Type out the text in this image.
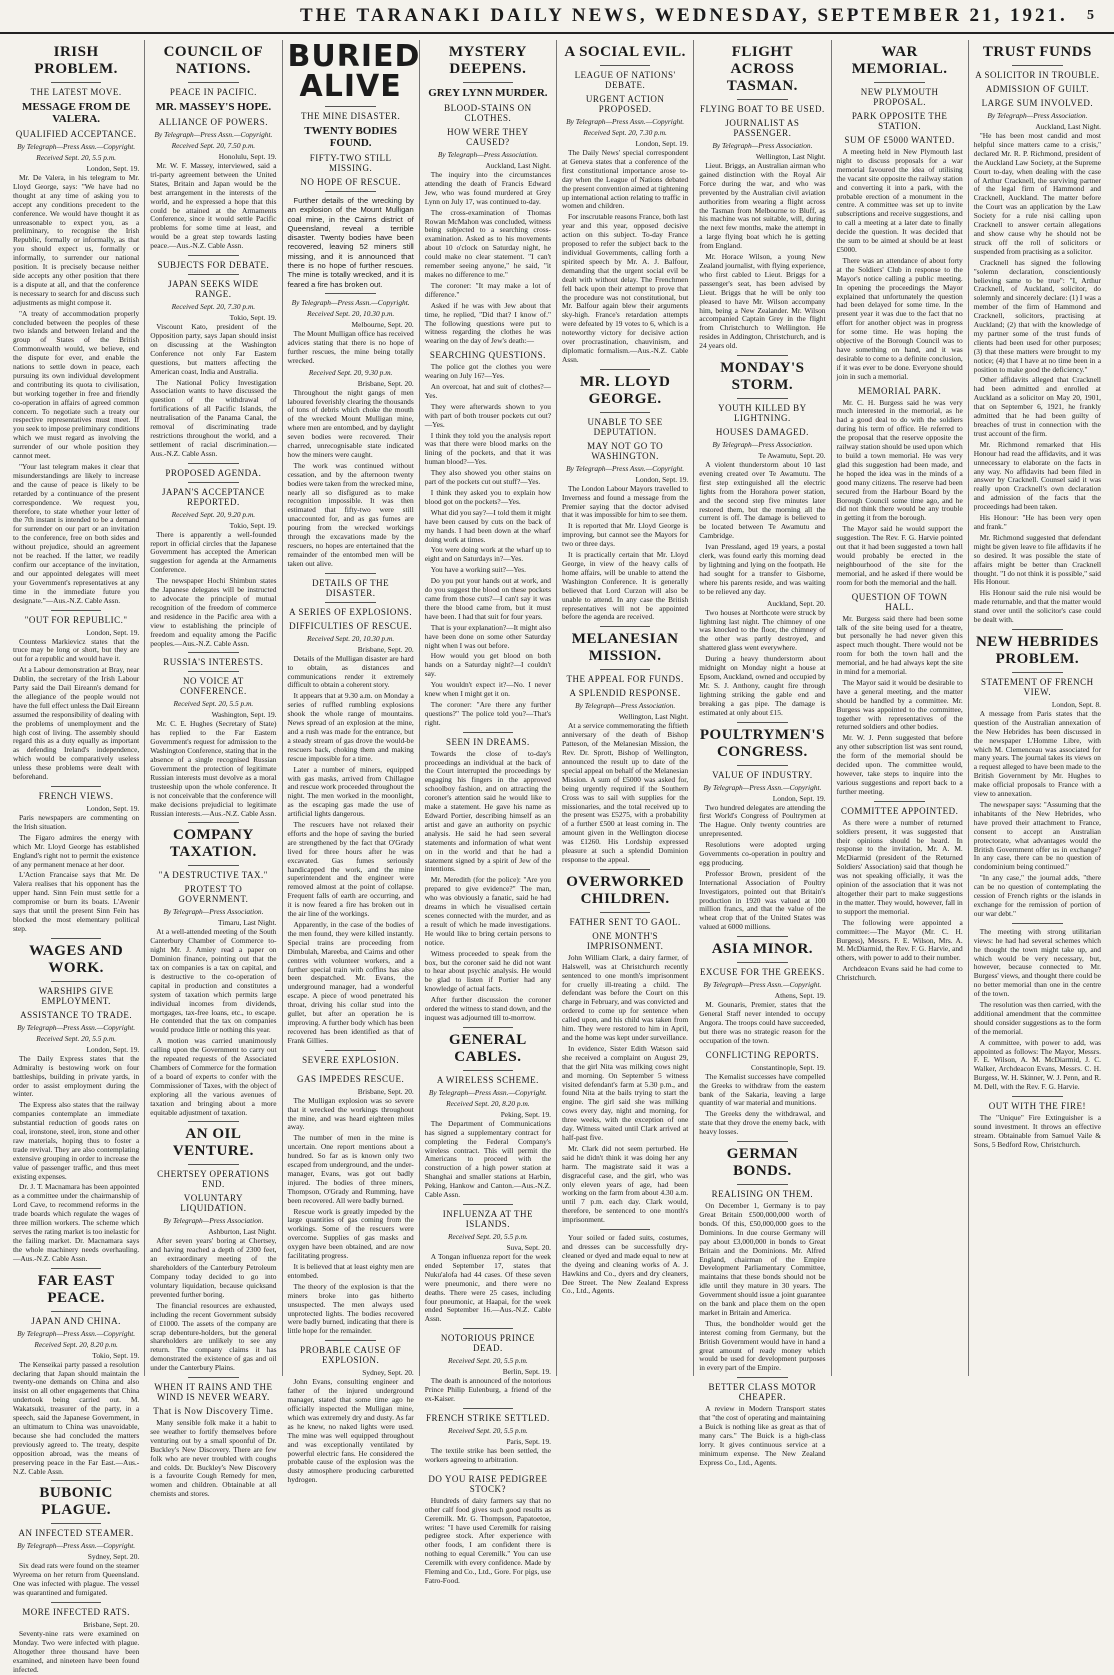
THE TARANAKI DAILY NEWS, WEDNESDAY, SEPTEMBER 21, 1921. 5
IRISH PROBLEM.
THE LATEST MOVE.
MESSAGE FROM DE VALERA.
QUALIFIED ACCEPTANCE.
By Telegraph—Press Assn.—Copyright.
Received Sept. 20, 5.5 p.m.
London, Sept. 19.

Mr. De Valera, in his telegram to Mr. Lloyd George, says: "We have had no thought at any time of asking you to accept any conditions precedent to the conference. We would have thought it as unreasonable to expect you, as a preliminary, to recognise the Irish Republic, formally or informally, as that you should expect us, formally or informally, to surrender our national position. It is precisely because neither side accepts any other position that there is a dispute at all, and that the conference is necessary to search for and discuss such adjustments as might compose it.

"A treaty of accommodation properly concluded between the peoples of these two islands and between Ireland and the group of States of the British Commonwealth would, we believe, end the dispute for ever, and enable the nations to settle down in peace, each pursuing its own individual development and contributing its quota to civilisation, but working together in free and friendly co-operation in affairs of agreed common concern. To negotiate such a treaty our respective representatives must meet. If you seek to impose preliminary conditions which we must regard as involving the surrender of our whole position they cannot meet.

"Your last telegram makes it clear that misunderstandings are likely to increase and the cause of peace is likely to be retarded by a continuance of the present correspondence. We request you, therefore, to state whether your letter of the 7th instant is intended to be a demand for surrender on our part or an invitation to the conference, free on both sides and without prejudice, should an agreement not be reached. If the latter, we readily confirm our acceptance of the invitation, and our appointed delegates will meet your Government's representatives at any time in the immediate future you designate."—Aus.-N.Z. Cable Assn.

"OUT FOR REPUBLIC."
London, Sept. 19.

Countess Markievicz states that the truce may be long or short, but they are out for a republic and would have it.

At a Labour demonstration at Bray, near Dublin, the secretary of the Irish Labour Party said the Dail Eireann's demand for the allegiance of the people would not have the full effect unless the Dail Eireann assumed the responsibility of dealing with the problems of unemployment and the high cost of living. The assembly should regard this as a duty equally as important as defending Ireland's independence, which would be comparatively useless unless these problems were dealt with beforehand.

FRENCH VIEWS.
London, Sept. 19.

Paris newspapers are commenting on the Irish situation.

The Figaro admires the energy with which Mr. Lloyd George has established England's right not to permit the existence of any permanent menace at her door.

L'Action Francaise says that Mr. De Valera realises that his opponent has the upper hand. Sinn Fein must settle for a compromise or burn its boats. L'Avenir says that until the present Sinn Fein has blocked the most elementary political step.

WAGES AND WORK.
WARSHIPS GIVE EMPLOYMENT.
ASSISTANCE TO TRADE.
By Telegraph—Press Assn.—Copyright.
Received Sept. 20, 5.5 p.m.
London, Sept. 19.

The Daily Express states that the Admiralty is bestowing work on four battleships, building in private yards, in order to assist employment during the winter.

The Express also states that the railway companies contemplate an immediate substantial reduction of goods rates on coal, ironstone, steel, iron, stone and other raw materials, hoping thus to foster a trade revival. They are also contemplating extensive grouping in order to increase the value of passenger traffic, and thus meet existing expenses.

Dr. J. T. Macnamara has been appointed as a committee under the chairmanship of Lord Cave, to recommend reforms in the trade boards which regulate the wages of three million workers. The scheme which serves the rating market is too inelastic for the failing market. Dr. Macnamara says the whole machinery needs overhauling.—Aus.-N.Z. Cable Assn.

FAR EAST PEACE.
JAPAN AND CHINA.
By Telegraph—Press Assn.—Copyright.
Received Sept. 20, 8.20 p.m.
Tokio, Sept. 19.

The Kenseikai party passed a resolution declaring that Japan should maintain the twenty-one demands on China and also insist on all other engagements that China undertook being carried out. M. Wakatsuki, treasurer of the party, in a speech, said the Japanese Government, in an ultimatum to China was unavoidable, because she had concluded the matters previously agreed to. The treaty, despite opposition abroad, was the means of preserving peace in the Far East.—Aus.-N.Z. Cable Assn.

BUBONIC PLAGUE.
AN INFECTED STEAMER.
By Telegraph—Press Assn.—Copyright.
Sydney, Sept. 20.

Six dead rats were found on the steamer Wyreema on her return from Queensland. One was infected with plague. The vessel was quarantined and fumigated.

MORE INFECTED RATS.
Brisbane, Sept. 20.

Seventy-nine rats were examined on Monday. Two were infected with plague. Altogether three thousand have been examined, and nineteen have been found infected.

COUNCIL OF NATIONS.
PEACE IN PACIFIC.
MR. MASSEY'S HOPE.
ALLIANCE OF POWERS.
By Telegraph—Press Assn.—Copyright.
Received Sept. 20, 7.50 p.m.
Honolulu, Sept. 19.

Mr. W. F. Massey, interviewed, said a tri-party agreement between the United States, Britain and Japan would be the best arrangement in the interests of the world, and he expressed a hope that this could be attained at the Armaments Conference, since it would settle Pacific problems for some time at least, and would be a great step towards lasting peace.—Aus.-N.Z. Cable Assn.

SUBJECTS FOR DEBATE.
JAPAN SEEKS WIDE RANGE.
Received Sept. 20, 7.30 p.m.
Tokio, Sept. 19.

Viscount Kato, president of the Opposition party, says Japan should insist on discussing at the Washington Conference not only Far Eastern questions, but matters affecting the American coast, India and Australia.

The National Policy Investigation Association wants to have discussed the question of the withdrawal of fortifications of all Pacific Islands, the neutralisation of the Panama Canal, the removal of discriminating trade restrictions throughout the world, and a settlement of racial discrimination.—Aus.-N.Z. Cable Assn.

PROPOSED AGENDA.
JAPAN'S ACCEPTANCE REPORTED.
Received Sept. 20, 9.20 p.m.
Tokio, Sept. 19.

There is apparently a well-founded report in official circles that the Japanese Government has accepted the American suggestion for agenda at the Armaments Conference.

The newspaper Hochi Shimbun states the Japanese delegates will be instructed to advocate the principle of mutual recognition of the freedom of commerce and residence in the Pacific area with a view to establishing the principle of freedom and equality among the Pacific peoples.—Aus.-N.Z. Cable Assn.

RUSSIA'S INTERESTS.
NO VOICE AT CONFERENCE.
Received Sept. 20, 5.5 p.m.
Washington, Sept. 19.

Mr. C. E. Hughes (Secretary of State) has replied to the Far Eastern Government's request for admission to the Washington Conference, stating that in the absence of a single recognised Russian Government the protection of legitimate Russian interests must devolve as a moral trusteeship upon the whole conference. It is not conceivable that the conference will make decisions prejudicial to legitimate Russian interests.—Aus.-N.Z. Cable Assn.

COMPANY TAXATION.
"A DESTRUCTIVE TAX."
PROTEST TO GOVERNMENT.
By Telegraph—Press Association.
Timaru, Last Night.

At a well-attended meeting of the South Canterbury Chamber of Commerce to-night Mr. J. Amiey read a paper on Dominion finance, pointing out that the tax on companies is a tax on capital, and is destructive to the co-operation of capital in production and constitutes a system of taxation which permits large individual incomes from dividends, mortgages, tax-free loans, etc., to escape. He contended that the tax on companies would produce little or nothing this year.

A motion was carried unanimously calling upon the Government to carry out the repeated requests of the Associated Chambers of Commerce for the formation of a board of experts to confer with the Commissioner of Taxes, with the object of exploring all the various avenues of taxation and bringing about a more equitable adjustment of taxation.

AN OIL VENTURE.
CHERTSEY OPERATIONS END.
VOLUNTARY LIQUIDATION.
By Telegraph—Press Association.
Ashburton, Last Night.

After seven years' boring at Chertsey, and having reached a depth of 2300 feet, an extraordinary meeting of the shareholders of the Canterbury Petroleum Company today decided to go into voluntary liquidation, because quicksand prevented further boring.

The financial resources are exhausted, including the recent Government subsidy of £1000. The assets of the company are scrap debenture-holders, but the general shareholders are unlikely to see any return. The company claims it has demonstrated the existence of gas and oil under the Canterbury Plains.

WHEN IT RAINS AND THE WIND IS NEVER WEARY.
That is Now Discovery Time.

Many sensible folk make it a habit to see weather to fortify themselves before venturing out by a small spoonful of Dr. Buckley's New Discovery. There are few folk who are never troubled with coughs and colds. Dr. Buckley's New Discovery is a favourite Cough Remedy for men, women and children. Obtainable at all chemists and stores.

BURIED ALIVE
THE MINE DISASTER.
TWENTY BODIES FOUND.
FIFTY-TWO STILL MISSING.
NO HOPE OF RESCUE.

Further details of the wrecking by an explosion of the Mount Mulligan coal mine, in the Cairns district of Queensland, reveal a terrible disaster. Twenty bodies have been recovered, leaving 52 miners still missing, and it is announced that there is no hope of further rescues. The mine is totally wrecked, and it is feared a fire has broken out.

By Telegraph—Press Assn.—Copyright.
Received Sept. 20, 10.30 p.m.
Melbourne, Sept. 20.

The Mount Mulligan office has received advices stating that there is no hope of further rescues, the mine being totally wrecked.

Received Sept. 20, 9.30 p.m.
Brisbane, Sept. 20.

Throughout the night gangs of men laboured feverishly clearing the thousands of tons of debris which choke the mouth of the wrecked Mount Mulligan mine, where men are entombed, and by daylight seven bodies were recovered. Their charred, unrecognisable state indicated how the miners were caught.

The work was continued without cessation, and by the afternoon twenty bodies were taken from the wrecked mine, nearly all so disfigured as to make recognition impossible. It was then estimated that fifty-two were still unaccounted for, and as gas fumes are pouring from the wrecked workings through the excavations made by the rescuers, no hopes are entertained that the remainder of the entombed men will be taken out alive.

DETAILS OF THE DISASTER.
A SERIES OF EXPLOSIONS.
DIFFICULTIES OF RESCUE.
Received Sept. 20, 10.30 p.m.
Brisbane, Sept. 20.

Details of the Mulligan disaster are hard to obtain, as distances and communications render it extremely difficult to obtain a coherent story.

It appears that at 9.30 a.m. on Monday a series of ruffled rumbling explosions shook the whole range of mountains. News spread of an explosion at the mine, and a rush was made for the entrance, but a steady stream of gas drove the would-be rescuers back, choking them and making rescue impossible for a time.

Later a number of miners, equipped with gas masks, arrived from Chillagoe and rescue work proceeded throughout the night. The men worked in the moonlight, as the escaping gas made the use of artificial lights dangerous.

The rescuers have not relaxed their efforts and the hope of saving the buried are strengthened by the fact that O'Grady lived for three hours after he was excavated. Gas fumes seriously handicapped the work, and the mine superintendent and the engineer were removed almost at the point of collapse. Frequent falls of earth are occurring, and it is now feared a fire has broken out in the air line of the workings.

Apparently, in the case of the bodies of the men found, they were killed instantly. Special trains are proceeding from Dimbulah, Mareeba, and Cairns and other centres with volunteer workers, and a further special train with coffins has also been despatched. Mr. Evans, the underground manager, had a wonderful escape. A piece of wood penetrated his throat, driving his collar stud into the gullet, but after an operation he is improving. A further body which has been recovered has been identified as that of Frank Gillies.

SEVERE EXPLOSION.
GAS IMPEDES RESCUE.
Brisbane, Sept. 20.

The Mulligan explosion was so severe that it wrecked the workings throughout the mine, and was heard eighteen miles away.

The number of men in the mine is uncertain. One report mentions about a hundred. So far as is known only two escaped from underground, and the under-manager, Evans, was got out badly injured. The bodies of three miners, Thompson, O'Grady and Rumming, have been recovered. All were badly burned.

Rescue work is greatly impeded by the large quantities of gas coming from the workings. Some of the rescuers were overcome. Supplies of gas masks and oxygen have been obtained, and are now facilitating progress.

It is believed that at least eighty men are entombed.

The theory of the explosion is that the miners broke into gas hitherto unsuspected. The men always used unprotected lights. The bodies recovered were badly burned, indicating that there is little hope for the remainder.

PROBABLE CAUSE OF EXPLOSION.
Sydney, Sept. 20.

John Evans, consulting engineer and father of the injured underground manager, stated that some time ago he officially inspected the Mulligan mine, which was extremely dry and dusty. As far as he knew, no naked lights were used. The mine was well equipped throughout and was exceptionally ventilated by powerful electric fans. He considered the probable cause of the explosion was the dusty atmosphere producing carburetted hydrogen.

MYSTERY DEEPENS.
GREY LYNN MURDER.
BLOOD-STAINS ON CLOTHES.
HOW WERE THEY CAUSED?
By Telegraph—Press Association.
Auckland, Last Night.

The inquiry into the circumstances attending the death of Francis Edward Jew, who was found murdered at Grey Lynn on July 17, was continued to-day.

The cross-examination of Thomas Rowan McMahon was concluded, witness being subjected to a searching cross-examination. Asked as to his movements about 10 o'clock on Saturday night, he could make no clear statement. "I can't remember seeing anyone," he said, "it makes no difference to me."

The coroner: "It may make a lot of difference."

Asked if he was with Jew about that time, he replied, "Did that? I know of." The following questions were put to witness regarding the clothes he was wearing on the day of Jew's death:—

SEARCHING QUESTIONS.

The police got the clothes you were wearing on July 16?—Yes.

An overcoat, hat and suit of clothes?—Yes.

They were afterwards shown to you with part of both trouser pockets cut out?—Yes.

I think they told you the analysis report was that there were blood marks on the lining of the pockets, and that it was human blood?—Yes.

They also showed you other stains on part of the pockets cut out stuff?—Yes.

I think they asked you to explain how blood got on the pockets?—Yes.

What did you say?—I told them it might have been caused by cuts on the back of my hands. I had been down at the wharf doing work at times.

You were doing work at the wharf up to eight and on Saturdays in?—Yes.

You have a working suit?—Yes.

Do you put your hands out at work, and do you suggest the blood on these pockets came from those cuts?—I can't say it was there the blood came from, but it must have been. I had that suit for four years.

That is your explanation?—It might also have been done on some other Saturday night when I was out before.

How would you get blood on both hands on a Saturday night?—I couldn't say.

You wouldn't expect it?—No. I never knew when I might get it on.

The coroner: "Are there any further questions?" The police told you?—That's right.

SEEN IN DREAMS.

Towards the close of to-day's proceedings an individual at the back of the Court interrupted the proceedings by engaging his fingers in the approved schoolboy fashion, and on attracting the coroner's attention said he would like to make a statement. He gave his name as Edward Portier, describing himself as an artist and gave an authority on psychic analysis. He said he had seen several statements and information of what went on in the world and that he had a statement signed by a spirit of Jew of the intentions.

Mr. Meredith (for the police): "Are you prepared to give evidence?" The man, who was obviously a fanatic, said he had dreams in which he visualised certain scenes connected with the murder, and as a result of which he made investigations. He would like to bring certain persons to notice.

Witness proceeded to speak from the box, but the coroner said he did not want to hear about psychic analysis. He would be glad to listen if Portier had any knowledge of actual facts.

After further discussion the coroner ordered the witness to stand down, and the inquest was adjourned till to-morrow.

GENERAL CABLES.
A WIRELESS SCHEME.
By Telegraph—Press Assn.—Copyright.
Received Sept. 20, 8.20 p.m.
Peking, Sept. 19.

The Department of Communications has signed a supplementary contract for completing the Federal Company's wireless contract. This will permit the Americans to proceed with the construction of a high power station at Shanghai and smaller stations at Harbin, Peking, Hankow and Canton.—Aus.-N.Z. Cable Assn.

INFLUENZA AT THE ISLANDS.
Received Sept. 20, 5.5 p.m.
Suva, Sept. 20.

A Tongan influenza report for the week ended September 17, states that Nuku'alofa had 44 cases. Of these seven were pneumonic, and there were no deaths. There were 25 cases, including four pneumonic, at Haapai, for the week ended September 16.—Aus.-N.Z. Cable Assn.

NOTORIOUS PRINCE DEAD.
Received Sept. 20, 5.5 p.m.
Berlin, Sept. 19.

The death is announced of the notorious Prince Philip Eulenburg, a friend of the ex-Kaiser.

FRENCH STRIKE SETTLED.
Received Sept. 20, 5.5 p.m.
Paris, Sept. 19.

The textile strike has been settled, the workers agreeing to arbitration.

DO YOU RAISE PEDIGREE STOCK?

Hundreds of dairy farmers say that no other calf food gives such good results as Ceremilk. Mr. G. Thompson, Papatoetoe, writes: "I have used Ceremilk for raising pedigree stock. After experience with other foods, I am confident there is nothing to equal Ceremilk." You can use Ceremilk with every confidence. Made by Fleming and Co., Ltd., Gore. For pigs, use Fatro-Food.

A SOCIAL EVIL.
LEAGUE OF NATIONS' DEBATE.
URGENT ACTION PROPOSED.
By Telegraph—Press Assn.—Copyright.
Received Sept. 20, 7.30 p.m.
London, Sept. 19.

The Daily News' special correspondent at Geneva states that a conference of the first constitutional importance arose to-day when the League of Nations debated the present convention aimed at tightening up international action relating to traffic in women and children.

For inscrutable reasons France, both last year and this year, opposed decisive action on this subject. To-day France proposed to refer the subject back to the individual Governments, calling forth a spirited speech by Mr. A. J. Balfour, demanding that the urgent social evil be dealt with without delay. The Frenchmen fell back upon their attempt to prove that the procedure was not constitutional, but Mr. Balfour again blew their arguments sky-high. France's retardation attempts were defeated by 19 votes to 6, which is a noteworthy victory for decisive action over procrastination, chauvinism, and diplomatic formalism.—Aus.-N.Z. Cable Assn.

MR. LLOYD GEORGE.
UNABLE TO SEE DEPUTATION.
MAY NOT GO TO WASHINGTON.
By Telegraph—Press Assn.—Copyright.
London, Sept. 19.

The London Labour Mayors travelled to Inverness and found a message from the Premier saying that the doctor advised that it was impossible for him to see them.

It is reported that Mr. Lloyd George is improving, but cannot see the Mayors for two or three days.

It is practically certain that Mr. Lloyd George, in view of the heavy calls of home affairs, will be unable to attend the Washington Conference. It is generally believed that Lord Curzon will also be unable to attend. In any case the British representatives will not be appointed before the agenda are received.

MELANESIAN MISSION.
THE APPEAL FOR FUNDS.
A SPLENDID RESPONSE.
By Telegraph—Press Association.
Wellington, Last Night.

At a service commemorating the fiftieth anniversary of the death of Bishop Patteson, of the Melanesian Mission, the Rev. Dr. Sprott, Bishop of Wellington, announced the result up to date of the special appeal on behalf of the Melanesian Mission. A sum of £5000 was asked for, being urgently required if the Southern Cross was to sail with supplies for the missionaries, and the total received up to the present was £5275, with a probability of a further £500 at least coming in. The amount given in the Wellington diocese was £1260. His Lordship expressed pleasure at such a splendid Dominion response to the appeal.

OVERWORKED CHILDREN.
FATHER SENT TO GAOL.
ONE MONTH'S IMPRISONMENT.

John William Clark, a dairy farmer, of Halswell, was at Christchurch recently sentenced to one month's imprisonment for cruelly ill-treating a child. The defendant was before the Court on this charge in February, and was convicted and ordered to come up for sentence when called upon, and his child was taken from him. They were restored to him in April, and the home was kept under surveillance.

In evidence, Sister Edith Watson said she received a complaint on August 29, that the girl Nita was milking cows night and morning. On September 5 witness visited defendant's farm at 5.30 p.m., and found Nita at the bails trying to start the engine. The girl said she was milking cows every day, night and morning, for three weeks, with the exception of one day. Witness waited until Clark arrived at half-past five.

Mr. Clark did not seem perturbed. He said he didn't think it was doing her any harm. The magistrate said it was a disgraceful case, and the girl, who was only eleven years of age, had been working on the farm from about 4.30 a.m. until 7 p.m. each day. Clark would, therefore, be sentenced to one month's imprisonment.

Your soiled or faded suits, costumes, and dresses can be successfully dry-cleaned or dyed and made equal to new at the dyeing and cleaning works of A. J. Hawkins and Co., dyers and dry cleaners, Dee Street. The New Zealand Express Co., Ltd., Agents.

FLIGHT ACROSS TASMAN.
FLYING BOAT TO BE USED.
JOURNALIST AS PASSENGER.
By Telegraph—Press Association.
Wellington, Last Night.

Lieut. Briggs, an Australian airman who gained distinction with the Royal Air Force during the war, and who was prevented by the Australian civil aviation authorities from wearing a flight across the Tasman from Melbourne to Bluff, as his machine was not suitable, will, during the next few months, make the attempt in a large flying boat which he is getting from England.

Mr. Horace Wilson, a young New Zealand journalist, with flying experience, who first cabled to Lieut. Briggs for a passenger's seat, has been advised by Lieut. Briggs that he will be only too pleased to have Mr. Wilson accompany him, being a New Zealander. Mr. Wilson accompanied Captain Grey in the flight from Christchurch to Wellington. He resides in Addington, Christchurch, and is 24 years old.

MONDAY'S STORM.
YOUTH KILLED BY LIGHTNING.
HOUSES DAMAGED.
By Telegraph—Press Association.
Te Awamutu, Sept. 20.

A violent thunderstorm about 10 last evening created over Te Awamutu. The first step extinguished all the electric lights from the Horahora power station, and the second step five minutes later restored them, but the morning all the current is off. The damage is believed to be located between Te Awamutu and Cambridge.

Ivan Pressland, aged 19 years, a postal clerk, was found early this morning dead by lightning and lying on the footpath. He had sought for a transfer to Gisborne, where his parents reside, and was waiting to be relieved any day.

Auckland, Sept. 20.

Two houses at Northcote were struck by lightning last night. The chimney of one was knocked to the floor, the chimney of the other was partly destroyed, and shattered glass went everywhere.

During a heavy thunderstorm about midnight on Monday night a house at Epsom, Auckland, owned and occupied by Mr. S. J. Anthony, caught fire through lightning striking the gable end and breaking a gas pipe. The damage is estimated at only about £15.

POULTRYMEN'S CONGRESS.
VALUE OF INDUSTRY.
By Telegraph—Press Assn.—Copyright.
London, Sept. 19.

Two hundred delegates are attending the first World's Congress of Poultrymen at The Hague. Only twenty countries are unrepresented.

Resolutions were adopted urging Governments co-operation in poultry and egg producing.

Professor Brown, president of the International Association of Poultry Investigators, pointed out that Britain's production in 1920 was valued at 100 million francs, and that the value of the wheat crop that of the United States was valued at 6000 millions.

ASIA MINOR.
EXCUSE FOR THE GREEKS.
By Telegraph—Press Assn.—Copyright.
Athens, Sept. 19.

M. Gounaris, Premier, states that the General Staff never intended to occupy Angora. The troops could have succeeded, but there was no strategic reason for the occupation of the town.

CONFLICTING REPORTS.
Constantinople, Sept. 19.

The Kemalist successes have compelled the Greeks to withdraw from the eastern bank of the Sakaria, leaving a large quantity of war material and munitions.

The Greeks deny the withdrawal, and state that they drove the enemy back, with heavy losses.

GERMAN BONDS.
REALISING ON THEM.

On December 1, Germany is to pay Great Britain £500,000,000 worth of bonds. Of this, £50,000,000 goes to the Dominions. In due course Germany will pay about £3,000,000 in bonds to Great Britain and the Dominions. Mr. Alfred England, chairman of the Empire Development Parliamentary Committee, maintains that these bonds should not be idle until they mature in 30 years. The Government should issue a joint guarantee on the bank and place them on the open market in Britain and America.

Thus, the bondholder would get the interest coming from Germany, but the British Government would have in hand a great amount of ready money which would be used for development purposes in every part of the Empire.

BETTER CLASS MOTOR CHEAPER.

A review in Modern Transport states that "the cost of operating and maintaining a Buick is nothing like as great as that of many cars." The Buick is a high-class lorry. It gives continuous service at a minimum expense. The New Zealand Express Co., Ltd., Agents.

WAR MEMORIAL.
NEW PLYMOUTH PROPOSAL.
PARK OPPOSITE THE STATION.
SUM OF £5000 WANTED.

A meeting held in New Plymouth last night to discuss proposals for a war memorial favoured the idea of utilising the vacant site opposite the railway station and converting it into a park, with the probable erection of a monument in the centre. A committee was set up to invite subscriptions and receive suggestions, and to call a meeting at a later date to finally decide the question. It was decided that the sum to be aimed at should be at least £5000.

There was an attendance of about forty at the Soldiers' Club in response to the Mayor's notice calling a public meeting. In opening the proceedings the Mayor explained that unfortunately the question had been delayed for some time. In the present year it was due to the fact that no effort for another object was in progress for some time. He was hoping the objective of the Borough Council was to have something on hand, and it was desirable to come to a definite conclusion, if it was ever to be done. Everyone should join in such a memorial.

MEMORIAL PARK.

Mr. C. H. Burgess said he was very much interested in the memorial, as he had a good deal to do with the soldiers during his term of office. He referred to the proposal that the reserve opposite the railway station should be used upon which to build a town memorial. He was very glad this suggestion had been made, and he hoped the idea was in the minds of a good many citizens. The reserve had been secured from the Harbour Board by the Borough Council some time ago, and he did not think there would be any trouble in getting it from the borough.

The Mayor said he would support the suggestion. The Rev. F. G. Harvie pointed out that it had been suggested a town hall would probably be erected in the neighbourhood of the site for the memorial, and he asked if there would be room for both the memorial and the hall.

QUESTION OF TOWN HALL.

Mr. Burgess said there had been some talk of the site being used for a theatre, but personally he had never given this aspect much thought. There would not be room for both the town hall and the memorial, and he had always kept the site in mind for a memorial.

The Mayor said it would be desirable to have a general meeting, and the matter should be handled by a committee. Mr. Burgess was appointed to the committee, together with representatives of the returned soldiers and other bodies.

Mr. W. J. Penn suggested that before any other subscription list was sent round, the form of the memorial should be decided upon. The committee would, however, take steps to inquire into the various suggestions and report back to a further meeting.

COMMITTEE APPOINTED.

As there were a number of returned soldiers present, it was suggested that their opinions should be heard. In response to the invitation, Mr. A. M. McDiarmid (president of the Returned Soldiers' Association) said that though he was not speaking officially, it was the opinion of the association that it was not altogether their part to make suggestions in the matter. They would, however, fall in to support the memorial.

The following were appointed a committee:—The Mayor (Mr. C. H. Burgess), Messrs. F. E. Wilson, Mrs. A. M. McDiarmid, the Rev. F. G. Harvie, and others, with power to add to their number.

Archdeacon Evans said he had come to Christchurch.

TRUST FUNDS
A SOLICITOR IN TROUBLE.
ADMISSION OF GUILT.
LARGE SUM INVOLVED.
By Telegraph—Press Association.
Auckland, Last Night.

"He has been most candid and most helpful since matters came to a crisis," declared Mr. R. P. Richmond, president of the Auckland Law Society, at the Supreme Court to-day, when dealing with the case of Arthur Cracknell, the surviving partner of the legal firm of Hammond and Cracknell, Auckland. The matter before the Court was an application by the Law Society for a rule nisi calling upon Cracknell to answer certain allegations and show cause why he should not be struck off the roll of solicitors or suspended from practising as a solicitor.

Cracknell has signed the following "solemn declaration, conscientiously believing same to be true": "I, Arthur Cracknell, of Auckland, solicitor, do solemnly and sincerely declare: (1) I was a member of the firm of Hammond and Cracknell, solicitors, practising at Auckland; (2) that with the knowledge of my partner some of the trust funds of clients had been used for other purposes; (3) that these matters were brought to my notice; (4) that I have at no time been in a position to make good the deficiency."

Other affidavits alleged that Cracknell had been admitted and enrolled at Auckland as a solicitor on May 20, 1901, that on September 6, 1921, he frankly admitted that he had been guilty of breaches of trust in connection with the trust account of the firm.

Mr. Richmond remarked that His Honour had read the affidavits, and it was unnecessary to elaborate on the facts in any way. No affidavits had been filed in answer by Cracknell. Counsel said it was really upon Cracknell's own declaration and admission of the facts that the proceedings had been taken.

His Honour: "He has been very open and frank."

Mr. Richmond suggested that defendant might be given leave to file affidavits if he so desired. It was possible the state of affairs might be better than Cracknell thought. "I do not think it is possible," said His Honour.

His Honour said the rule nisi would be made returnable, and that the matter would stand over until the solicitor's case could be dealt with.

NEW HEBRIDES PROBLEM.
STATEMENT OF FRENCH VIEW.
London, Sept. 8.

A message from Paris states that the question of the Australian annexation of the New Hebrides has been discussed in the newspaper L'Homme Libre, with which M. Clemenceau was associated for many years. The journal takes its views on a request alleged to have been made to the British Government by Mr. Hughes to make official proposals to France with a view to annexation.

The newspaper says: "Assuming that the inhabitants of the New Hebrides, who have proved their attachment to France, consent to accept an Australian protectorate, what advantages would the British Government offer us in exchange? In any case, there can be no question of condominium being continued."

"In any case," the journal adds, "there can be no question of contemplating the cession of French rights or the islands in exchange for the remission of portion of our war debt."

The meeting with strong utilitarian views: he had had several schemes which he thought the town might take up, and which would be very necessary, but, however, because connected to Mr. Burgess' views, and thought there could be no better memorial than one in the centre of the town.

The resolution was then carried, with the additional amendment that the committee should consider suggestions as to the form of the memorial.

A committee, with power to add, was appointed as follows: The Mayor, Messrs. F. E. Wilson, A. M. McDiarmid, J. C. Walker, Archdeacon Evans, Messrs. C. H. Burgess, W. H. Skinner, W. J. Penn, and R. M. Dell, with the Rev. F. G. Harvie.

OUT WITH THE FIRE!

The "Unique" Fire Extinguisher is a sound investment. It throws an effective stream. Obtainable from Samuel Vaile & Sons, 5 Bedford Row, Christchurch.
